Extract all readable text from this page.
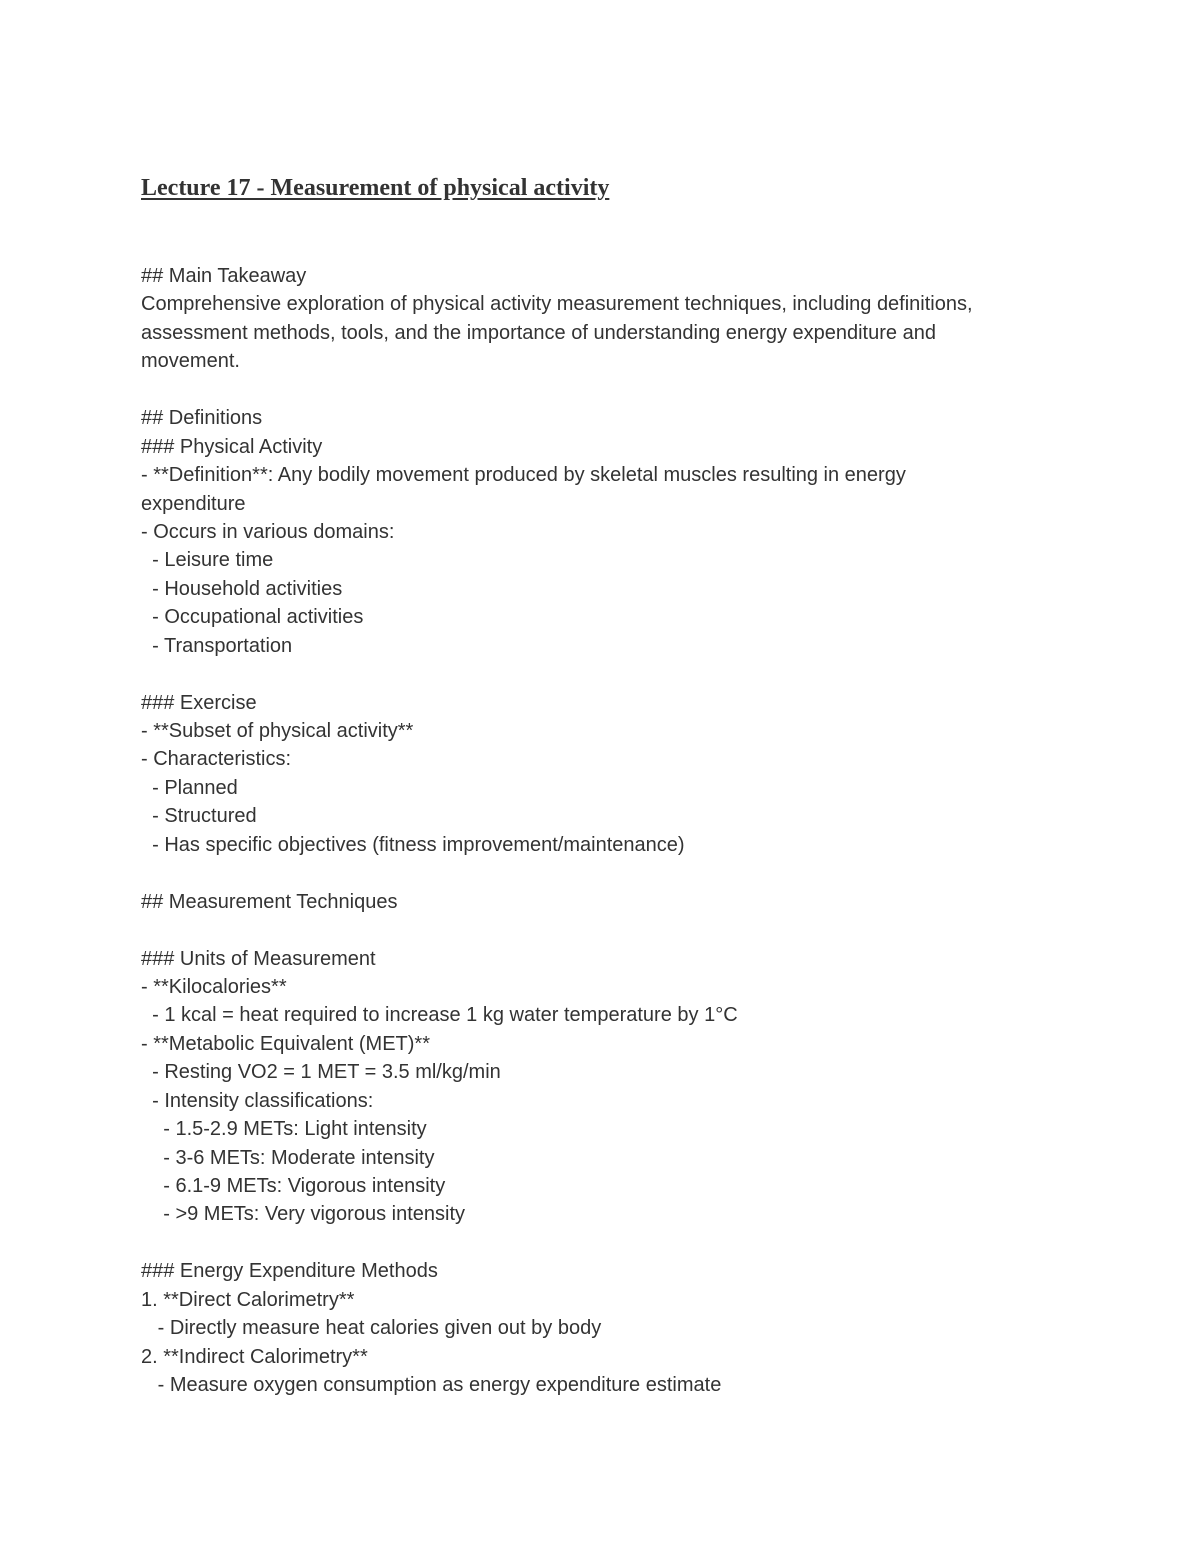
Lecture 17 - Measurement of physical activity

## Main Takeaway

Comprehensive exploration of physical activity measurement techniques, including definitions,

assessment methods, tools, and the importance of understanding energy expenditure and

movement.

## Definitions

### Physical Activity

- **Definition**: Any bodily movement produced by skeletal muscles resulting in energy

expenditure

- Occurs in various domains:

- Leisure time

- Household activities

- Occupational activities

- Transportation

### Exercise

- **Subset of physical activity**

- Characteristics:

- Planned

- Structured

- Has specific objectives (fitness improvement/maintenance)

## Measurement Techniques

### Units of Measurement

- **Kilocalories**

- 1 kcal = heat required to increase 1 kg water temperature by 1°C

- **Metabolic Equivalent (MET)**

- Resting VO2 = 1 MET = 3.5 ml/kg/min

- Intensity classifications:

- 1.5-2.9 METs: Light intensity

- 3-6 METs: Moderate intensity

- 6.1-9 METs: Vigorous intensity

- >9 METs: Very vigorous intensity

### Energy Expenditure Methods

1. **Direct Calorimetry**

- Directly measure heat calories given out by body

2. **Indirect Calorimetry**

- Measure oxygen consumption as energy expenditure estimate
